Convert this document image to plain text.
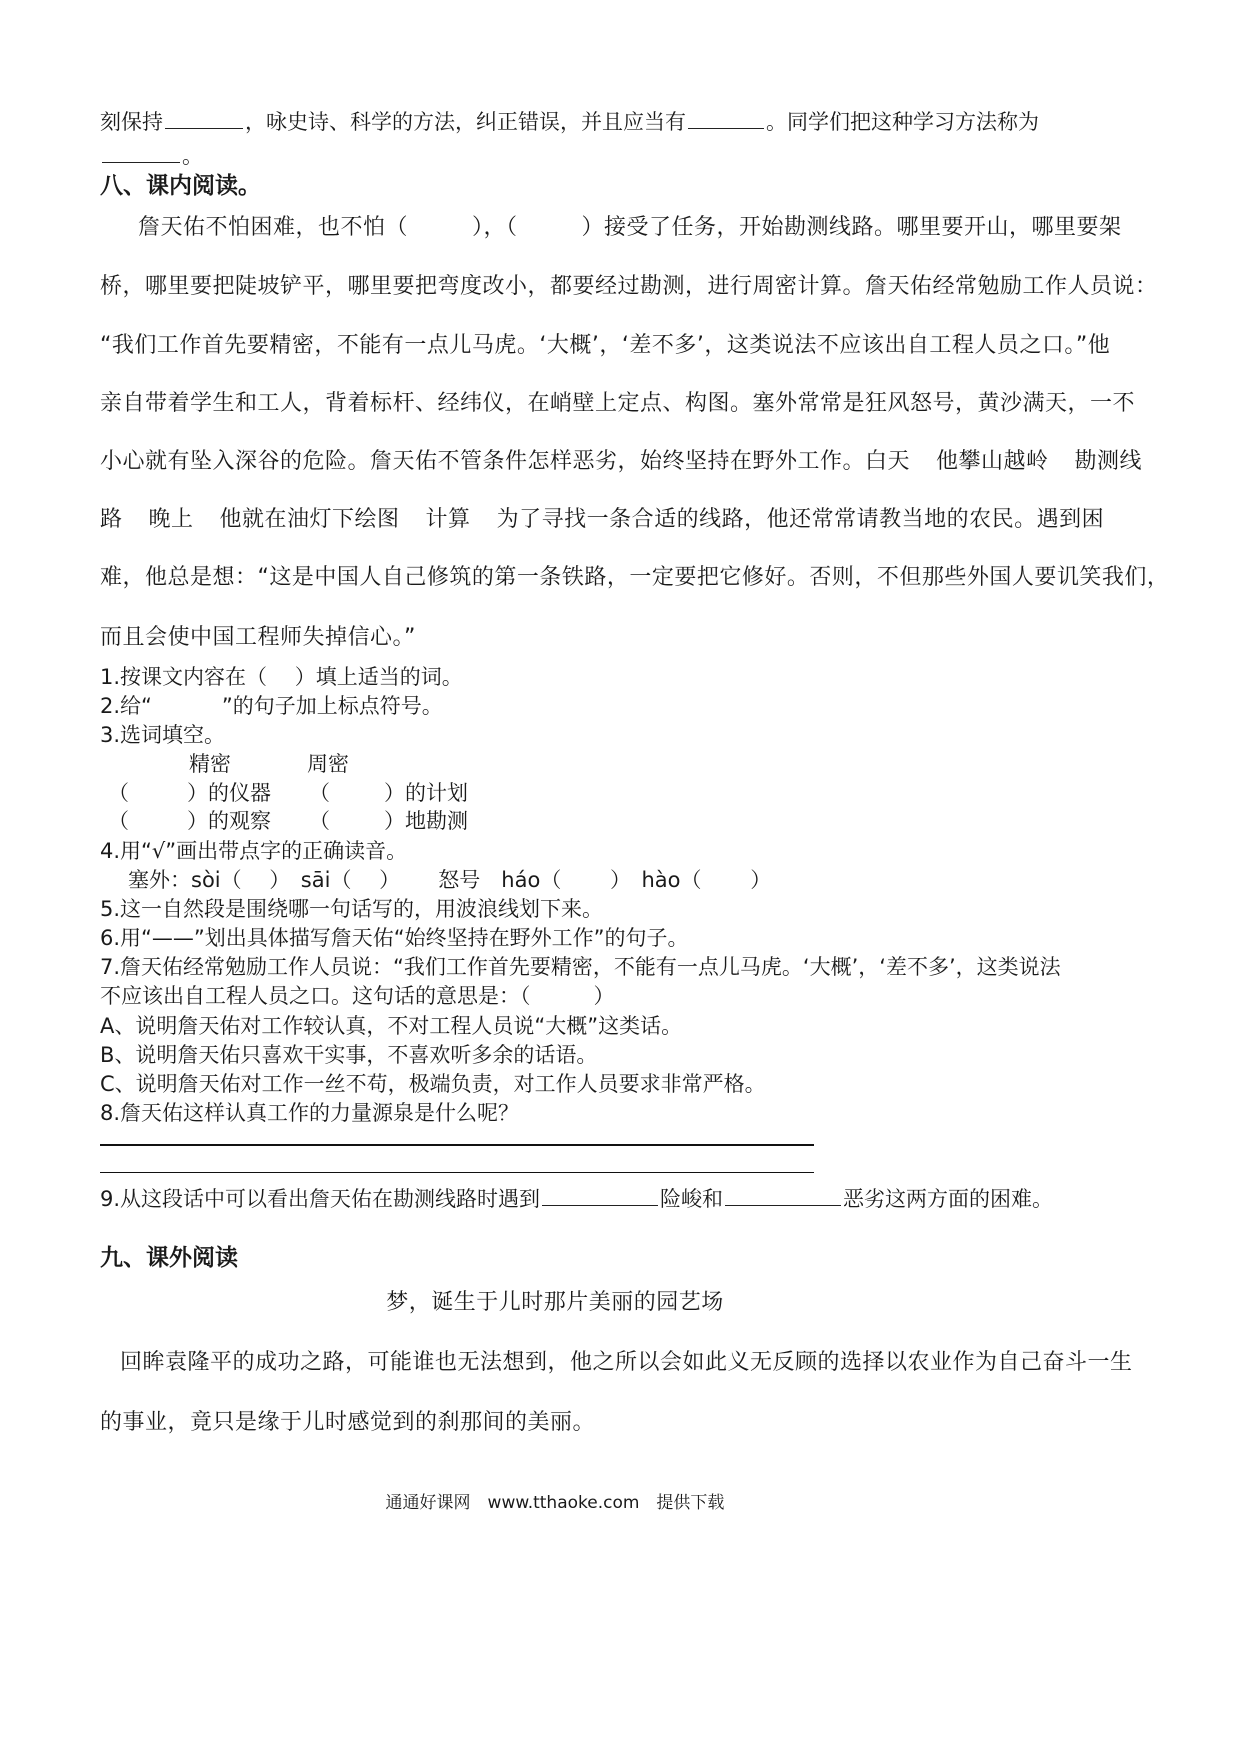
刻保持	，咏史诗、科学的方法，纠正错误，并且应当有	。同学们把这种学习方法称为
。
八、课内阅读。
詹天佑不怕困难，也不怕（	），（	）接受了任务，开始勘测线路。哪里要开山，哪里要架
桥，哪里要把陡坡铲平，哪里要把弯度改小，都要经过勘测，进行周密计算。詹天佑经常勉励工作人员说：
“我们工作首先要精密，不能有一点儿马虎。‘大概’，‘差不多’，这类说法不应该出自工程人员之口。”他
亲自带着学生和工人，背着标杆、经纬仪，在峭壁上定点、构图。塞外常常是狂风怒号，黄沙满天，一不
小心就有坠入深谷的危险。詹天佑不管条件怎样恶劣，始终坚持在野外工作。白天 他攀山越岭 勘测线
路 晚上 他就在油灯下绘图 计算 为了寻找一条合适的线路，他还常常请教当地的农民。遇到困
难，他总是想：“这是中国人自己修筑的第一条铁路，一定要把它修好。否则，不但那些外国人要讥笑我们，
而且会使中国工程师失掉信心。”
1.按课文内容在（　 ）填上适当的词。
2.给“	”的句子加上标点符号。
3.选词填空。
精密	周密
（	）的仪器 （	）的计划
（	）的观察 （	）地勘测
4.用“√”画出带点字的正确读音。
塞外：sòi（　 ）　sāi（　 ）　　 怒号　háo（　　 ）　hào（　　 ）
5.这一自然段是围绕哪一句话写的，用波浪线划下来。
6.用“——”划出具体描写詹天佑“始终坚持在野外工作”的句子。
7.詹天佑经常勉励工作人员说：“我们工作首先要精密，不能有一点儿马虎。‘大概’，‘差不多’，这类说法
不应该出自工程人员之口。这句话的意思是：（　　　）
A、说明詹天佑对工作较认真，不对工程人员说“大概”这类话。
B、说明詹天佑只喜欢干实事，不喜欢听多余的话语。
C、说明詹天佑对工作一丝不苟，极端负责，对工作人员要求非常严格。
8.詹天佑这样认真工作的力量源泉是什么呢？
9.从这段话中可以看出詹天佑在勘测线路时遇到	险峻和	恶劣这两方面的困难。
九、课外阅读
梦，诞生于儿时那片美丽的园艺场
回眸袁隆平的成功之路，可能谁也无法想到，他之所以会如此义无反顾的选择以农业作为自己奋斗一生
的事业，竟只是缘于儿时感觉到的刹那间的美丽。
通通好课网　www.tthaoke.com　提供下载
